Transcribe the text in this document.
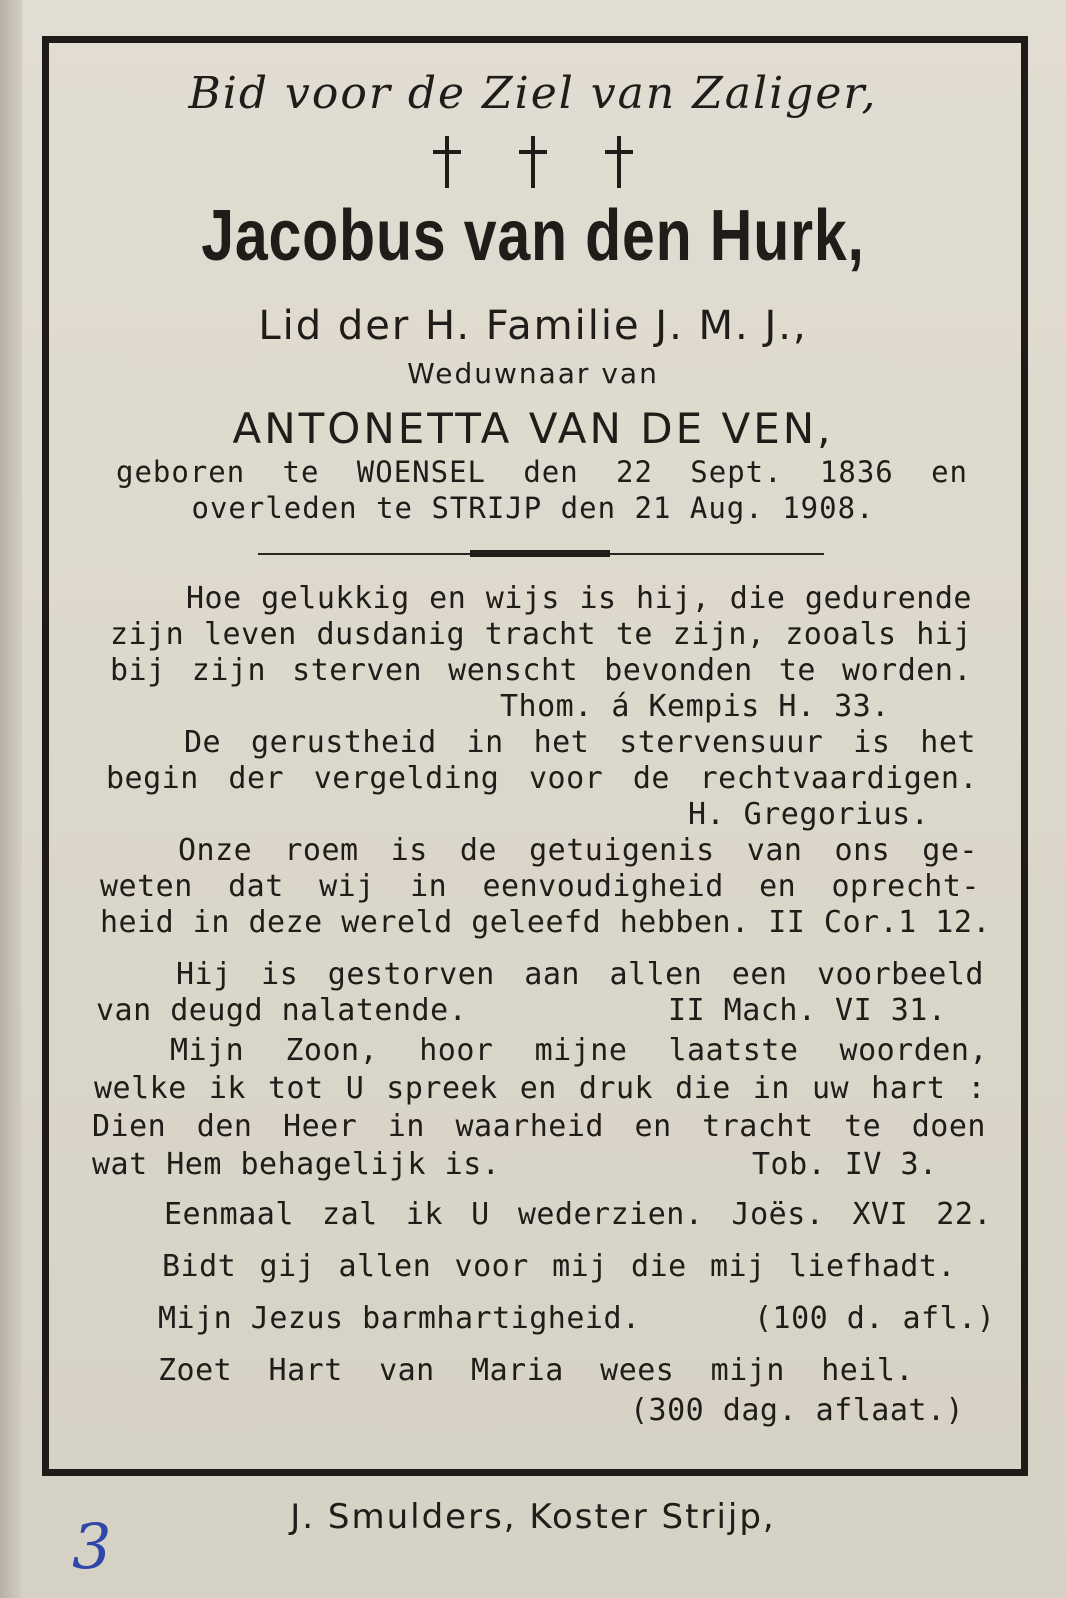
Bid voor de Ziel van Zaliger,
Jacobus van den Hurk,
Lid der H. Familie J. M. J.,
Weduwnaar van
ANTONETTA VAN DE VEN,
geboren te WOENSEL den 22 Sept. 1836 en
overleden te STRIJP den 21 Aug. 1908.
Hoe gelukkig en wijs is hij, die gedurende
zijn leven dusdanig tracht te zijn, zooals hij
bij zijn sterven wenscht bevonden te worden.
Thom. á Kempis H. 33.
De gerustheid in het stervensuur is het
begin der vergelding voor de rechtvaardigen.
H. Gregorius.
Onze roem is de getuigenis van ons ge-
weten dat wij in eenvoudigheid en oprecht-
heid in deze wereld geleefd hebben. II Cor.1 12.
Hij is gestorven aan allen een voorbeeld
van deugd nalatende.	II Mach. VI 31.
Mijn Zoon, hoor mijne laatste woorden,
welke ik tot U spreek en druk die in uw hart :
Dien den Heer in waarheid en tracht te doen
wat Hem behagelijk is.	Tob. IV 3.
Eenmaal zal ik U wederzien. Joës. XVI 22.
Bidt gij allen voor mij die mij liefhadt.
Mijn Jezus barmhartigheid.	(100 d. afl.)
Zoet Hart van Maria wees mijn heil.
(300 dag. aflaat.)
J. Smulders, Koster Strijp,
3
